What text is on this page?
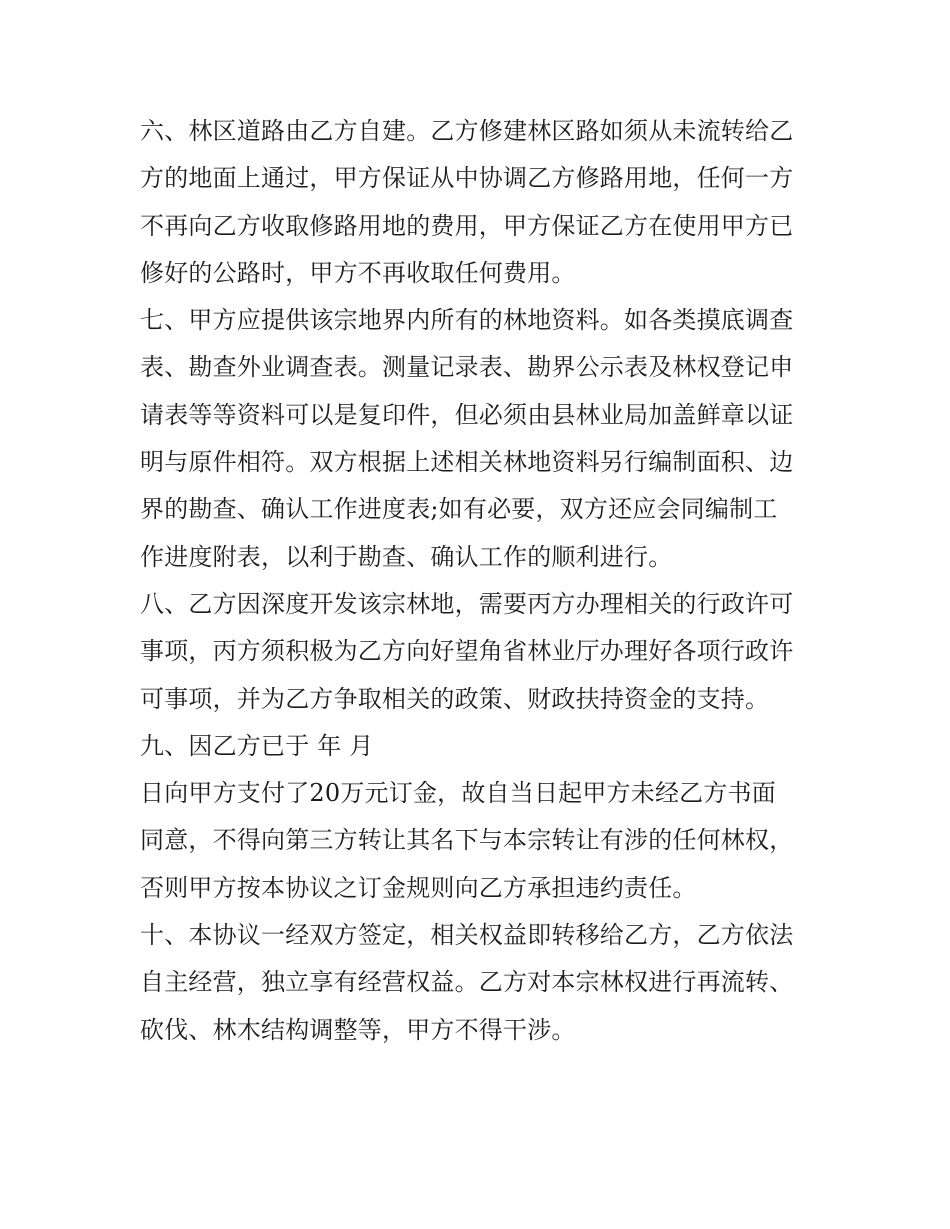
六、林区道路由乙方自建。乙方修建林区路如须从未流转给乙
方的地面上通过，甲方保证从中协调乙方修路用地，任何一方
不再向乙方收取修路用地的费用，甲方保证乙方在使用甲方已
修好的公路时，甲方不再收取任何费用。
七、甲方应提供该宗地界内所有的林地资料。如各类摸底调查
表、勘查外业调查表。测量记录表、勘界公示表及林权登记申
请表等等资料可以是复印件，但必须由县林业局加盖鲜章以证
明与原件相符。双方根据上述相关林地资料另行编制面积、边
界的勘查、确认工作进度表;如有必要，双方还应会同编制工
作进度附表，以利于勘查、确认工作的顺利进行。
八、乙方因深度开发该宗林地，需要丙方办理相关的行政许可
事项，丙方须积极为乙方向好望角省林业厅办理好各项行政许
可事项，并为乙方争取相关的政策、财政扶持资金的支持。
九、因乙方已于 年 月
日向甲方支付了20万元订金，故自当日起甲方未经乙方书面
同意，不得向第三方转让其名下与本宗转让有涉的任何林权，
否则甲方按本协议之订金规则向乙方承担违约责任。
十、本协议一经双方签定，相关权益即转移给乙方，乙方依法
自主经营，独立享有经营权益。乙方对本宗林权进行再流转、
砍伐、林木结构调整等，甲方不得干涉。
